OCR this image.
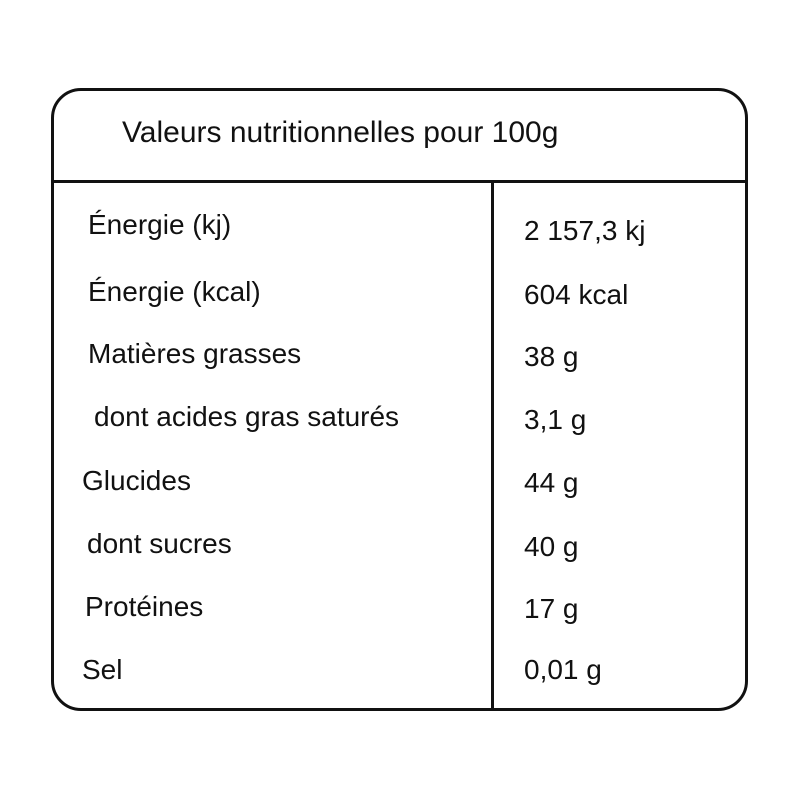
Valeurs nutritionnelles pour 100g
Énergie (kj)	2 157,3 kj
Énergie (kcal)	604 kcal
Matières grasses	38 g
dont acides gras saturés	3,1 g
Glucides	44 g
dont sucres	40 g
Protéines	17 g
Sel	0,01 g
